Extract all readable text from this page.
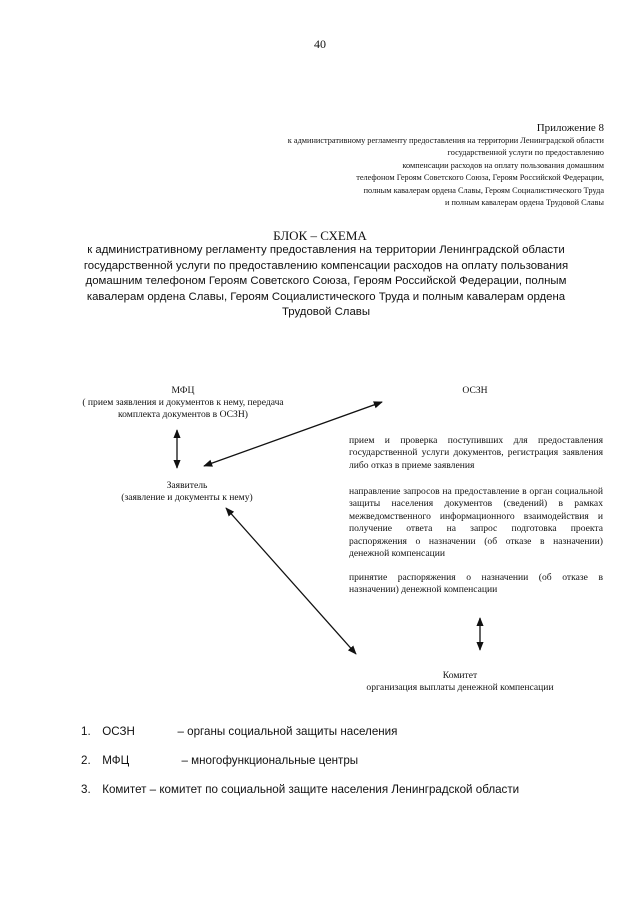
40
Приложение 8
к административному регламенту предоставления на территории Ленинградской области
государственной услуги по предоставлению
компенсации расходов на оплату пользования домашним
телефоном Героям Советского Союза, Героям Российской Федерации,
полным кавалерам ордена Славы, Героям Социалистического Труда
и полным кавалерам ордена Трудовой Славы
БЛОК – СХЕМА
к административному регламенту предоставления на территории Ленинградской области государственной услуги по предоставлению компенсации расходов на оплату пользования домашним телефоном Героям Советского Союза, Героям Российской Федерации, полным кавалерам ордена Славы, Героям Социалистического Труда и полным кавалерам ордена Трудовой Славы
МФЦ
( прием заявления и документов к нему, передача комплекта документов в ОСЗН)
ОСЗН
Заявитель
(заявление и документы к нему)

прием и проверка поступивших для предоставления государственной услуги документов, регистрация заявления либо отказ в приеме заявления

направление запросов на предоставление в орган социальной защиты населения документов (сведений) в рамках межведомственного информационного взаимодействия и получение ответа на запрос подготовка проекта распоряжения о назначении (об отказе в назначении) денежной компенсации

принятие распоряжения о назначении (об отказе в назначении) денежной компенсации

Комитет
организация выплаты денежной компенсации
1. ОСЗН	– органы социальной защиты населения
2. МФЦ	– многофункциональные центры
3. Комитет – комитет по социальной защите населения Ленинградской области
